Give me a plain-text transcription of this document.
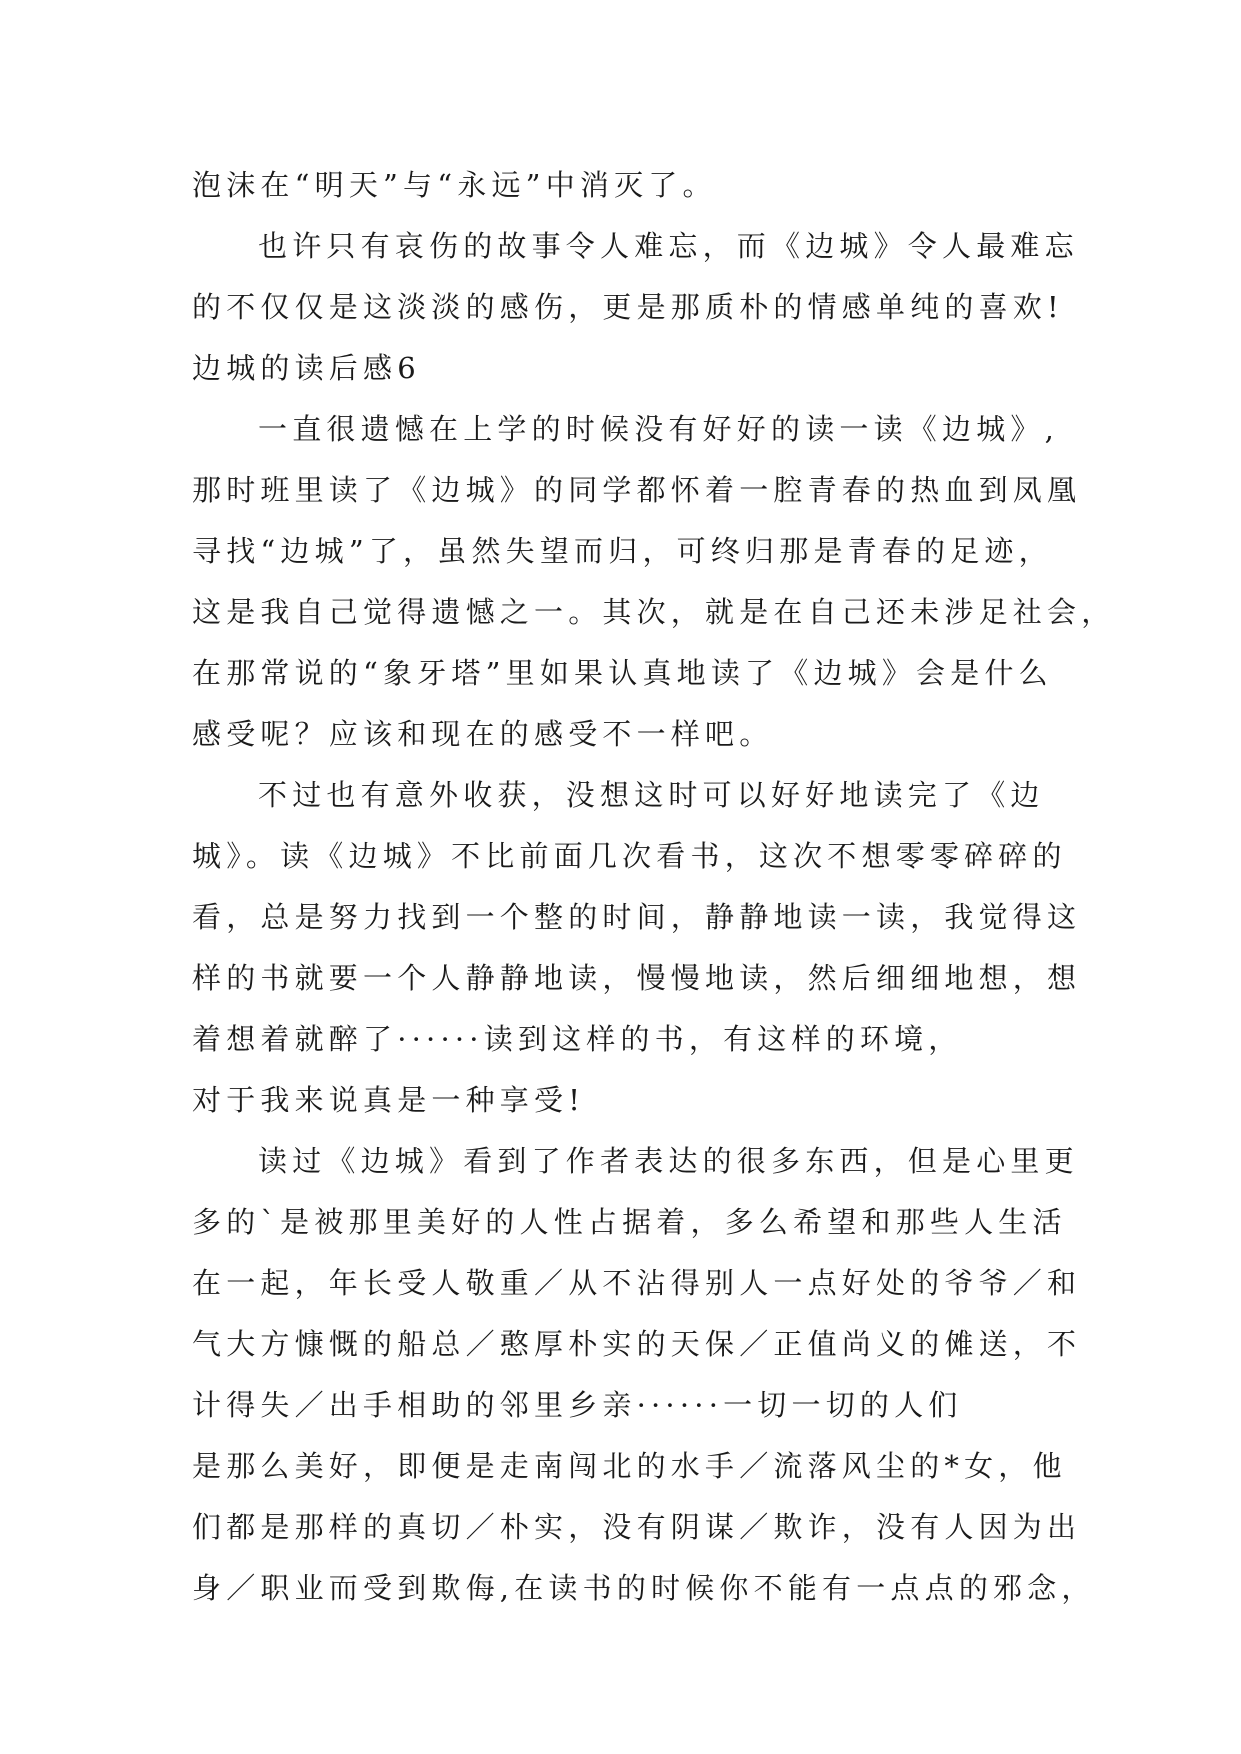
泡沫在“明天”与“永远”中消灭了。
也许只有哀伤的故事令人难忘，而《边城》令人最难忘
的不仅仅是这淡淡的感伤，更是那质朴的情感单纯的喜欢!
边城的读后感6
一直很遗憾在上学的时候没有好好的读一读《边城》,
那时班里读了《边城》的同学都怀着一腔青春的热血到凤凰
寻找“边城”了，虽然失望而归，可终归那是青春的足迹，
这是我自己觉得遗憾之一。其次，就是在自己还未涉足社会，
在那常说的“象牙塔”里如果认真地读了《边城》会是什么
感受呢？应该和现在的感受不一样吧。
不过也有意外收获，没想这时可以好好地读完了《边
城》。读《边城》不比前面几次看书，这次不想零零碎碎的
看，总是努力找到一个整的时间，静静地读一读，我觉得这
样的书就要一个人静静地读，慢慢地读，然后细细地想，想
着想着就醉了······读到这样的书，有这样的环境，
对于我来说真是一种享受!
读过《边城》看到了作者表达的很多东西，但是心里更
多的`是被那里美好的人性占据着，多么希望和那些人生活
在一起，年长受人敬重／从不沾得别人一点好处的爷爷／和
气大方慷慨的船总／憨厚朴实的天保／正值尚义的傩送，不
计得失／出手相助的邻里乡亲······一切一切的人们
是那么美好，即便是走南闯北的水手／流落风尘的*女，他
们都是那样的真切／朴实，没有阴谋／欺诈，没有人因为出
身／职业而受到欺侮,在读书的时候你不能有一点点的邪念，
